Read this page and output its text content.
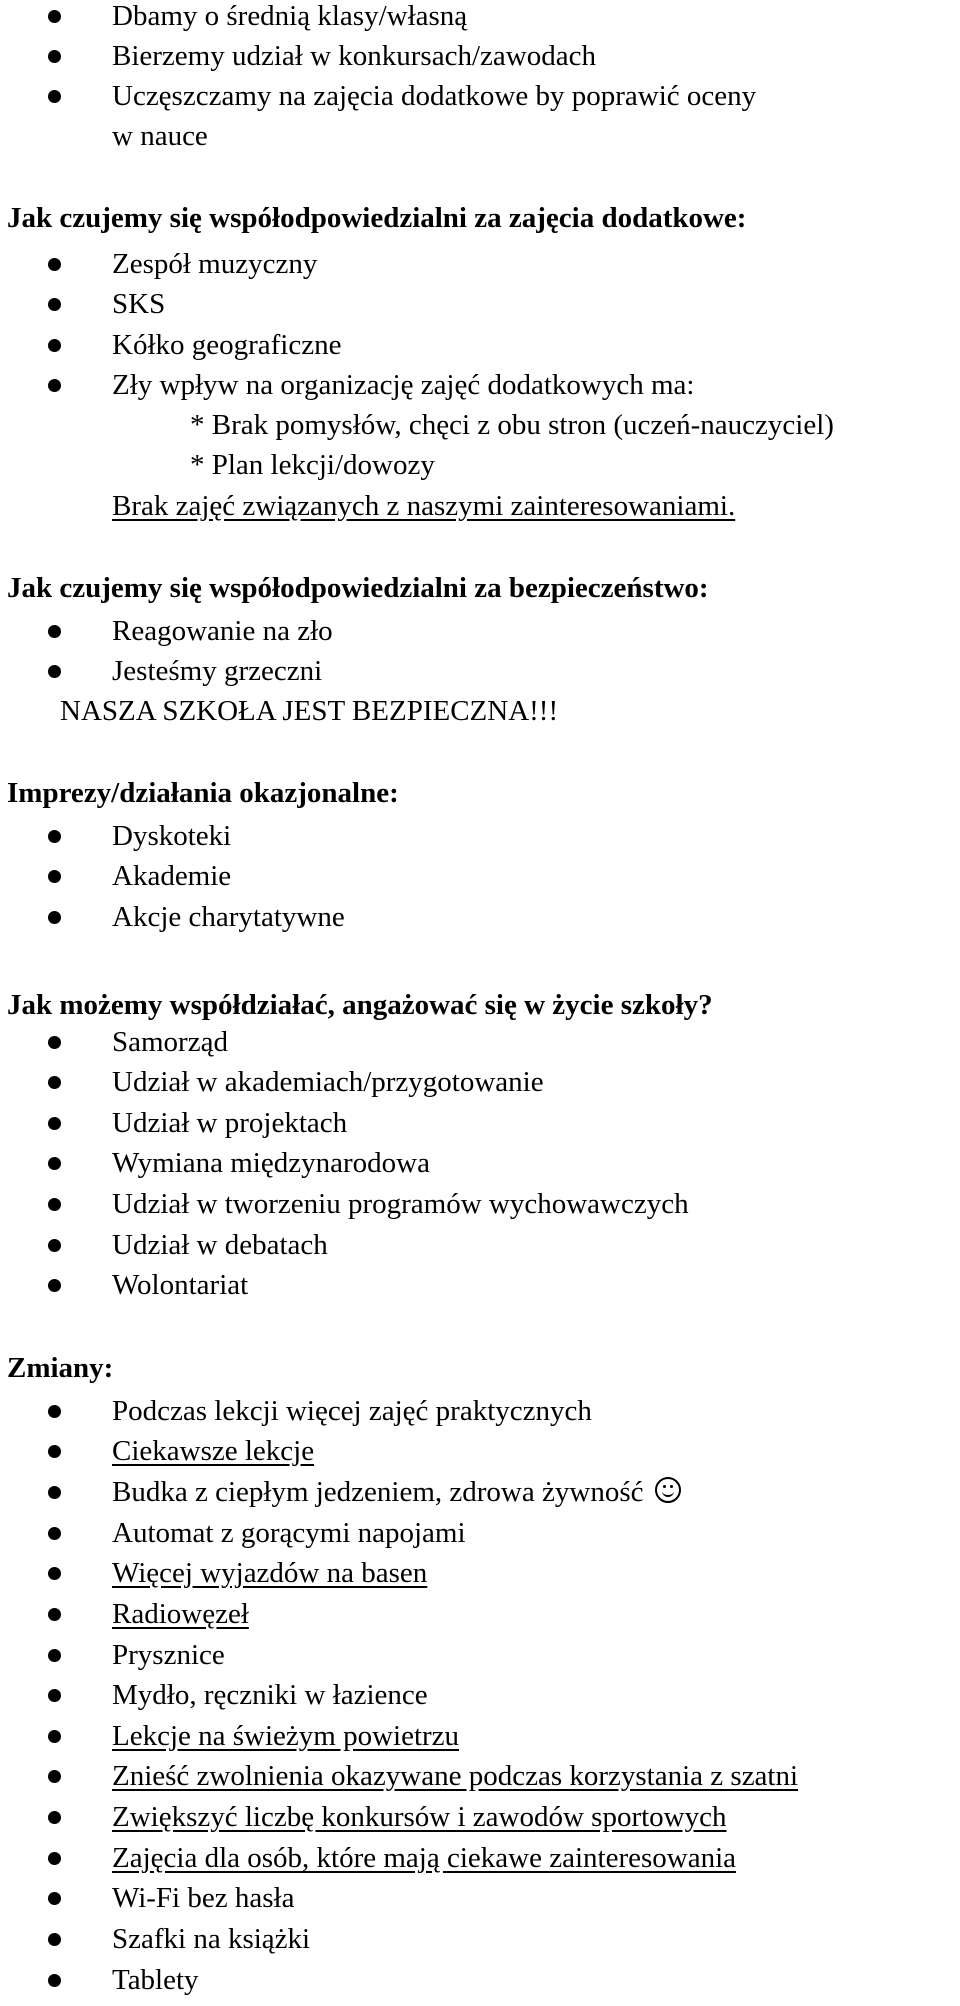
Dbamy o średnią klasy/własną
Bierzemy udział w konkursach/zawodach
Uczęszczamy na zajęcia dodatkowe by poprawić oceny
w nauce
Jak czujemy się współodpowiedzialni za zajęcia dodatkowe:
Zespół muzyczny
SKS
Kółko geograficzne
Zły wpływ na organizację zajęć dodatkowych ma:
* Brak pomysłów, chęci z obu stron (uczeń-nauczyciel)
* Plan lekcji/dowozy
Brak zajęć związanych z naszymi zainteresowaniami.
Jak czujemy się współodpowiedzialni za bezpieczeństwo:
Reagowanie na zło
Jesteśmy grzeczni
NASZA SZKOŁA JEST BEZPIECZNA!!!
Imprezy/działania okazjonalne:
Dyskoteki
Akademie
Akcje charytatywne
Jak możemy współdziałać, angażować się w życie szkoły?
Samorząd
Udział w akademiach/przygotowanie
Udział w projektach
Wymiana międzynarodowa
Udział w tworzeniu programów wychowawczych
Udział w debatach
Wolontariat
Zmiany:
Podczas lekcji więcej zajęć praktycznych
Ciekawsze lekcje
Budka z ciepłym jedzeniem, zdrowa żywność
Automat z gorącymi napojami
Więcej wyjazdów na basen
Radiowęzeł
Prysznice
Mydło, ręczniki w łazience
Lekcje na świeżym powietrzu
Znieść zwolnienia okazywane podczas korzystania z szatni
Zwiększyć liczbę konkursów i zawodów sportowych
Zajęcia dla osób, które mają ciekawe zainteresowania
Wi-Fi bez hasła
Szafki na książki
Tablety
